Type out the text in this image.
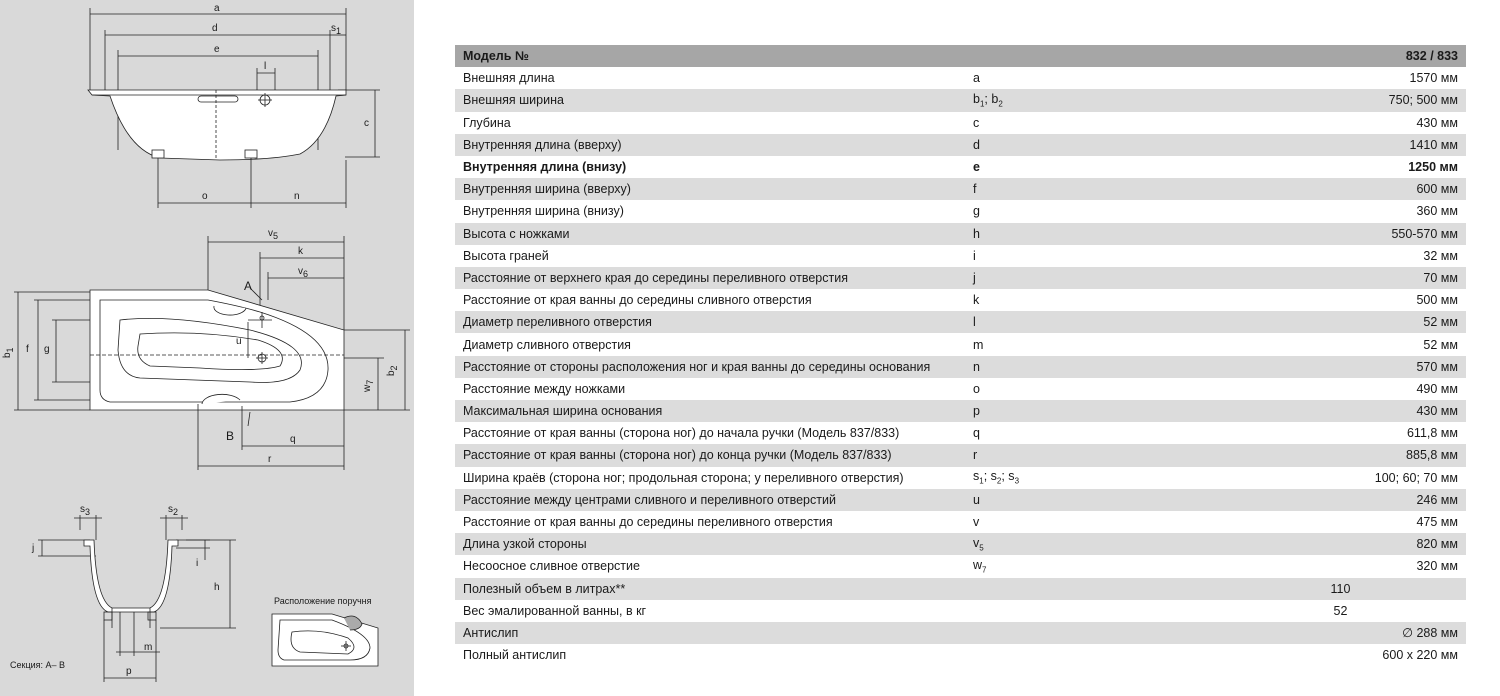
a
d
e
s1
l
c
o	n
v5
k
v6
A
B
b1 f g
u
b2
w7
q
r
s3	s2
j
i
h
m
p
Секция: A– B
Расположение поручня
Модель №		832 / 833
Внешняя длина	a	1570 мм
Внешняя ширина	$b_1$; $b_2$	750; 500 мм
Глубина	c	430 мм
Внутренняя длина (вверху)	d	1410 мм
Внутренняя длина (внизу)	e	1250 мм
Внутренняя ширина (вверху)	f	600 мм
Внутренняя ширина (внизу)	g	360 мм
Высота с ножками	h	550-570 мм
Высота граней	i	32 мм
Расстояние от верхнего края до середины переливного отверстия	j	70 мм
Расстояние от края ванны до середины сливного отверстия	k	500 мм
Диаметр переливного отверстия	l	52 мм
Диаметр сливного отверстия	m	52 мм
Расстояние от стороны расположения ног и края ванны до середины основания	n	570 мм
Расстояние между ножками	o	490 мм
Максимальная ширина основания	p	430 мм
Расстояние от края ванны (сторона ног) до начала ручки (Модель 837/833)	q	611,8 мм
Расстояние от края ванны (сторона ног) до конца ручки (Модель 837/833)	r	885,8 мм
Ширина краёв (сторона ног; продольная сторона; у переливного отверстия)	$s_1$; $s_2$; $s_3$	100; 60; 70 мм
Расстояние между центрами сливного и переливного отверстий	u	246 мм
Расстояние от края ванны до середины переливного отверстия	v	475 мм
Длина узкой стороны	$v_5$	820 мм
Несоосное сливное отверстие	$w_7$	320 мм
Полезный объем в литрах**		110
Вес эмалированной ванны, в кг		52
Антислип		∅ 288 мм
Полный антислип		600 x 220 мм
